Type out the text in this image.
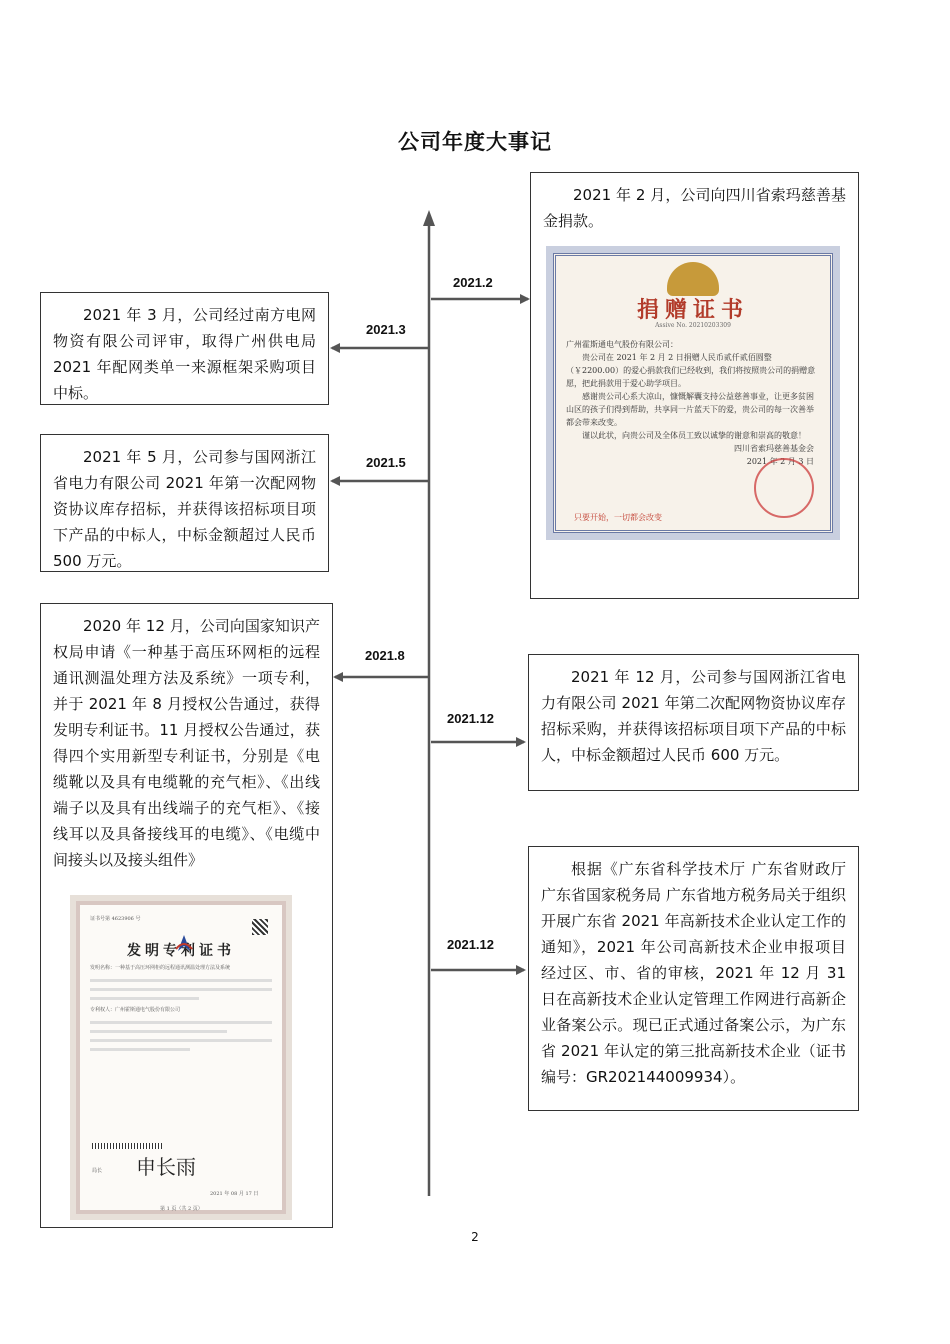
公司年度大事记
2021.2
2021.3
2021.5
2021.8
2021.12
2021.12

2021 年 2 月，公司向四川省索玛慈善基金捐款。

捐赠证书
Assive No. 20210203309
广州霍斯通电气股份有限公司：
贵公司在 2021 年 2 月 2 日捐赠人民币贰仟贰佰圆整（￥2200.00）的爱心捐款我们已经收到，我们将按照贵公司的捐赠意愿，把此捐款用于爱心助学项目。
感谢贵公司心系大凉山，慷慨解囊支持公益慈善事业，让更多贫困山区的孩子们得到帮助，共享同一片蓝天下的爱，贵公司的每一次善举都会带来改变。
谨以此状，向贵公司及全体员工致以诚挚的谢意和崇高的敬意！
四川省索玛慈善基金会
2021 年 2 月 3 日
只要开始，一切都会改变

2021 年 3 月，公司经过南方电网物资有限公司评审，取得广州供电局 2021 年配网类单一来源框架采购项目中标。

2021 年 5 月，公司参与国网浙江省电力有限公司 2021 年第一次配网物资协议库存招标，并获得该招标项目项下产品的中标人，中标金额超过人民币 500 万元。

2020 年 12 月，公司向国家知识产权局申请《一种基于高压环网柜的远程通讯测温处理方法及系统》一项专利，并于 2021 年 8 月授权公告通过，获得发明专利证书。11 月授权公告通过，获得四个实用新型专利证书，分别是《电缆靴以及具有电缆靴的充气柜》、《出线端子以及具有出线端子的充气柜》、《接线耳以及具备接线耳的电缆》、《电缆中间接头以及接头组件》

证书号第 4623906 号
发明专利证书
发明名称：一种基于高压环网柜的远程通讯测温处理方法及系统
专利权人：广州霍斯通电气股份有限公司
局长 申长雨
2021 年 08 月 17 日
第 1 页（共 2 页）

2021 年 12 月，公司参与国网浙江省电力有限公司 2021 年第二次配网物资协议库存招标采购，并获得该招标项目项下产品的中标人，中标金额超过人民币 600 万元。

根据《广东省科学技术厅 广东省财政厅 广东省国家税务局 广东省地方税务局关于组织开展广东省 2021 年高新技术企业认定工作的通知》，2021 年公司高新技术企业申报项目经过区、市、省的审核，2021 年 12 月 31 日在高新技术企业认定管理工作网进行高新企业备案公示。现已正式通过备案公示，为广东省 2021 年认定的第三批高新技术企业（证书编号：GR202144009934）。

2
